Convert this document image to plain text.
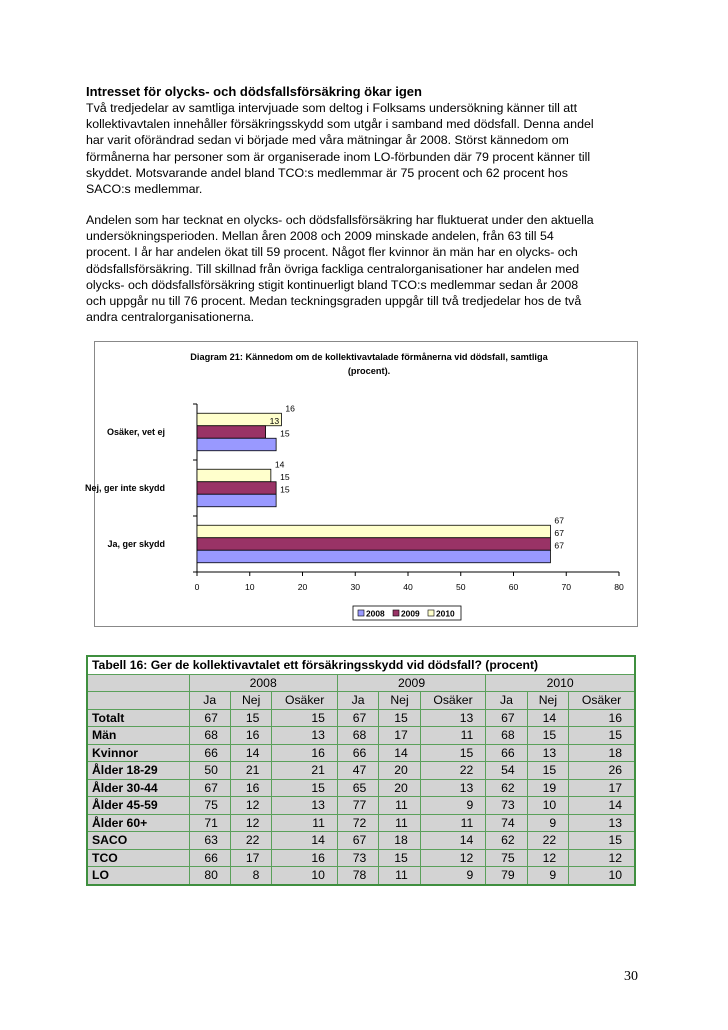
Intresset för olycks- och dödsfallsförsäkring ökar igen
Två tredjedelar av samtliga intervjuade som deltog i Folksams undersökning känner till att
kollektivavtalen innehåller försäkringsskydd som utgår i samband med dödsfall. Denna andel
har varit oförändrad sedan vi började med våra mätningar år 2008. Störst kännedom om
förmånerna har personer som är organiserade inom LO-förbunden där 79 procent känner till
skyddet. Motsvarande andel bland TCO:s medlemmar är 75 procent och 62 procent hos
SACO:s medlemmar.
Andelen som har tecknat en olycks- och dödsfallsförsäkring har fluktuerat under den aktuella
undersökningsperioden. Mellan åren 2008 och 2009 minskade andelen, från 63 till 54
procent. I år har andelen ökat till 59 procent. Något fler kvinnor än män har en olycks- och
dödsfallsförsäkring. Till skillnad från övriga fackliga centralorganisationer har andelen med
olycks- och dödsfallsförsäkring stigit kontinuerligt bland TCO:s medlemmar sedan år 2008
och uppgår nu till 76 procent. Medan teckningsgraden uppgår till två tredjedelar hos de två
andra centralorganisationerna.
Diagram 21: Kännedom om de kollektivavtalade förmånerna vid dödsfall, samtliga
(procent).
0	10	20	30	40	50	60	70	80
Osäker, vet ej
16
13
15
Nej, ger inte skydd
14
15
15
Ja, ger skydd
67
67
67
2008 2009 2010
Tabell 16: Ger de kollektivavtalet ett försäkringsskydd vid dödsfall? (procent)									
	2008			2009			2010		
	Ja	Nej	Osäker	Ja	Nej	Osäker	Ja	Nej	Osäker
Totalt	67	15	15	67	15	13	67	14	16
Män	68	16	13	68	17	11	68	15	15
Kvinnor	66	14	16	66	14	15	66	13	18
Ålder 18-29	50	21	21	47	20	22	54	15	26
Ålder 30-44	67	16	15	65	20	13	62	19	17
Ålder 45-59	75	12	13	77	11	9	73	10	14
Ålder 60+	71	12	11	72	11	11	74	9	13
SACO	63	22	14	67	18	14	62	22	15
TCO	66	17	16	73	15	12	75	12	12
LO	80	8	10	78	11	9	79	9	10
30
